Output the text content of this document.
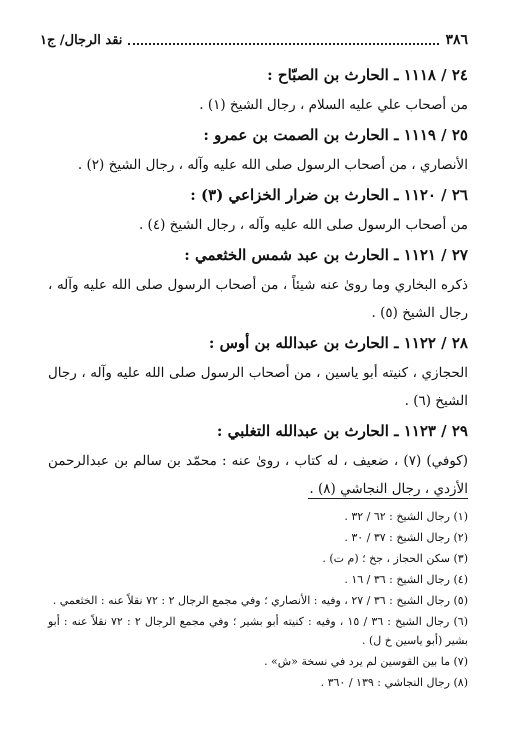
٣٨٦
نقد الرجال/ ج١

٢٤ / ١١١٨ ـ الحارث بن الصبّاح :

من أصحاب علي عليه السلام ، رجال الشيخ (١) .

٢٥ / ١١١٩ ـ الحارث بن الصمت بن عمرو :

الأنصاري ، من أصحاب الرسول صلى الله عليه وآله ، رجال الشيخ (٢) .

٢٦ / ١١٢٠ ـ الحارث بن ضرار الخزاعي (٣) :

من أصحاب الرسول صلى الله عليه وآله ، رجال الشيخ (٤) .

٢٧ / ١١٢١ ـ الحارث بن عبد شمس الخثعمي :

ذكره البخاري وما روىٰ عنه شيئاً ، من أصحاب الرسول صلى الله عليه وآله ، رجال الشيخ (٥) .

٢٨ / ١١٢٢ ـ الحارث بن عبدالله بن أوس :

الحجازي ، كنيته أبو ياسين ، من أصحاب الرسول صلى الله عليه وآله ، رجال الشيخ (٦) .

٢٩ / ١١٢٣ ـ الحارث بن عبدالله التغلبي :

(كوفي) (٧) ، ضعيف ، له كتاب ، روىٰ عنه : محمّد بن سالم بن عبدالرحمن الأزدي ، رجال النجاشي (٨) .

(١) رجال الشيخ : ٦٢ / ٣٢ .

(٢) رجال الشيخ : ٣٧ / ٣٠ .

(٣) سكن الحجاز ، جخ ؛ (م ت) .

(٤) رجال الشيخ : ٣٦ / ١٦ .

(٥) رجال الشيخ : ٣٦ / ٢٧ ، وفيه : الأنصاري ؛ وفي مجمع الرجال ٢ : ٧٢ نقلاً عنه : الخثعمي .

(٦) رجال الشيخ : ٣٦ / ١٥ ، وفيه : كنيته أبو بشير ؛ وفي مجمع الرجال ٢ : ٧٢ نقلاً عنه : أبو بشير (أبو ياسين خ ل) .

(٧) ما بين القوسين لم يرد في نسخة «ش» .

(٨) رجال النجاشي : ١٣٩ / ٣٦٠ .
